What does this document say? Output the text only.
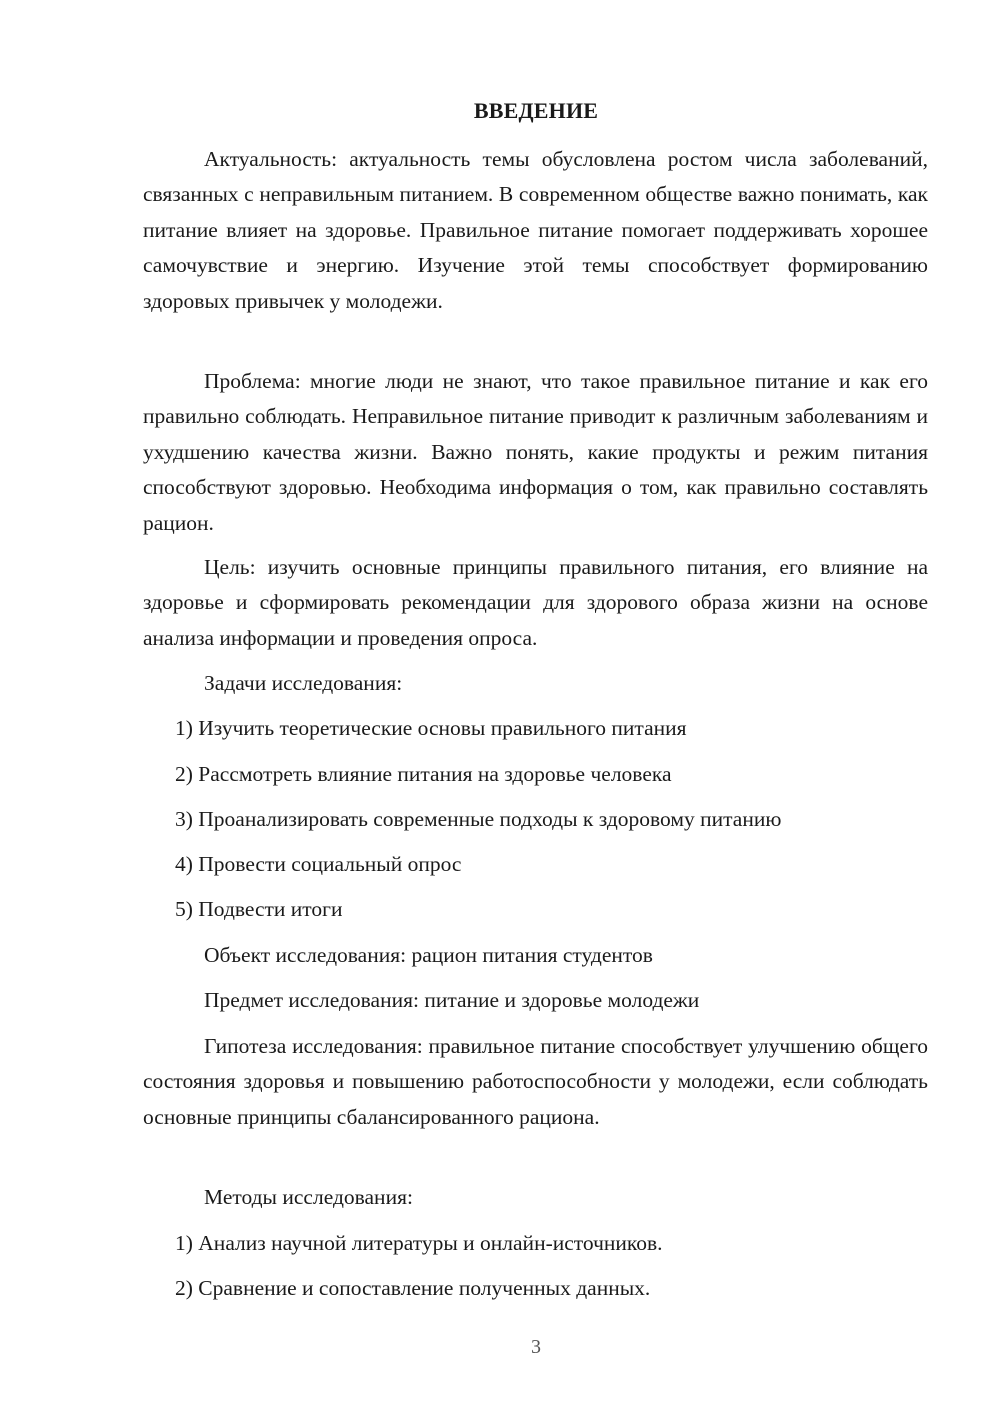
ВВЕДЕНИЕ

Актуальность: актуальность темы обусловлена ростом числа заболеваний, связанных с неправильным питанием. В современном обществе важно понимать, как питание влияет на здоровье. Правильное питание помогает поддерживать хорошее самочувствие и энергию. Изучение этой темы способствует формированию здоровых привычек у молодежи.

Проблема: многие люди не знают, что такое правильное питание и как его правильно соблюдать. Неправильное питание приводит к различным заболеваниям и ухудшению качества жизни. Важно понять, какие продукты и режим питания способствуют здоровью. Необходима информация о том, как правильно составлять рацион.

Цель: изучить основные принципы правильного питания, его влияние на здоровье и сформировать рекомендации для здорового образа жизни на основе анализа информации и проведения опроса.

Задачи исследования:

1) Изучить теоретические основы правильного питания

2) Рассмотреть влияние питания на здоровье человека

3) Проанализировать современные подходы к здоровому питанию

4) Провести социальный опрос

5) Подвести итоги

Объект исследования: рацион питания студентов

Предмет исследования: питание и здоровье молодежи

Гипотеза исследования: правильное питание способствует улучшению общего состояния здоровья и повышению работоспособности у молодежи, если соблюдать основные принципы сбалансированного рациона.

Методы исследования:

1) Анализ научной литературы и онлайн-источников.

2) Сравнение и сопоставление полученных данных.

3
